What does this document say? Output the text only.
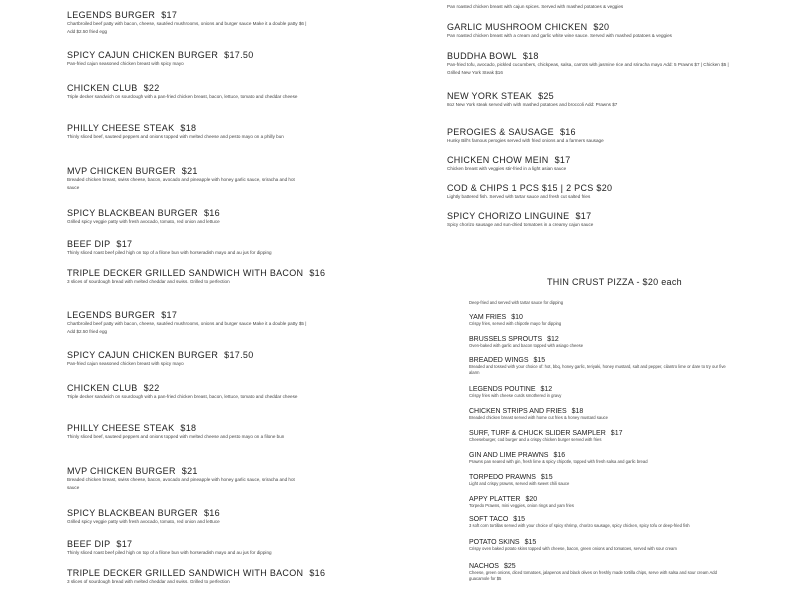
LEGENDS BURGER $17
Chartbroiled beef patty with bacon, cheese, sautéed mushrooms, onions and burger sauce Make it a double patty $6 | Add $2.50 fried egg
SPICY CAJUN CHICKEN BURGER $17.50
Pan-fried cajun seasoned chicken breast with spicy mayo
CHICKEN CLUB $22
Triple decker sandwich on sourdough with a pan-fried chicken breast, bacon, lettuce, tomato and cheddar cheese
PHILLY CHEESE STEAK $18
Thinly sliced beef, sauteed peppers and onions topped with melted cheese and pesto mayo on a philly bun
MVP CHICKEN BURGER $21
Breaded chicken breast, swiss cheese, bacon, avocado and pineapple with honey garlic sauce, sriracha and hot sauce
SPICY BLACKBEAN BURGER $16
Grilled spicy veggie patty with fresh avocado, tomato, red onion and lettuce
BEEF DIP $17
Thinly sliced roast beef piled high on top of a filone bun with horseradish mayo and au jus for dipping
TRIPLE DECKER GRILLED SANDWICH WITH BACON $16
3 slices of sourdough bread with melted cheddar and swiss. Grilled to perfection
LEGENDS BURGER $17
Chartbroiled beef patty with bacon, cheese, sautéed mushrooms, onions and burger sauce Make it a double patty $5 | Add $2.50 fried egg
SPICY CAJUN CHICKEN BURGER $17.50
Pan-fried cajun seasoned chicken breast with spicy mayo
CHICKEN CLUB $22
Triple decker sandwich on sourdough with a pan-fried chicken breast, bacon, lettuce, tomato and cheddar cheese
PHILLY CHEESE STEAK $18
Thinly sliced beef, sauteed peppers and onions topped with melted cheese and pesto mayo on a filone bun
MVP CHICKEN BURGER $21
Breaded chicken breast, swiss cheese, bacon, avocado and pineapple with honey garlic sauce, sriracha and hot sauce
SPICY BLACKBEAN BURGER $16
Grilled spicy veggie patty with fresh avocado, tomato, red onion and lettuce
BEEF DIP $17
Thinly sliced roast beef piled high on top of a filone bun with horseradish mayo and au jus for dipping
TRIPLE DECKER GRILLED SANDWICH WITH BACON $16
3 slices of sourdough bread with melted cheddar and swiss. Grilled to perfection
Pan roasted chicken breast with cajun spices. Served with mashed potatoes & veggies
GARLIC MUSHROOM CHICKEN $20
Pan roasted chicken breast with a cream and garlic white wine sauce. Served with mashed potatoes & veggies
BUDDHA BOWL $18
Pan-fried tofu, avocado, pickled cucumbers, chickpeas, salsa, carrots with jasmine rice and sriracha mayo Add: 5 Prawns $7 | Chicken $5 | Grilled New York Steak $16
NEW YORK STEAK $25
8oz New York steak served with with mashed potatoes and broccoli Add: Prawns $7
PEROGIES & SAUSAGE $16
Hunky Bill's famous perogies served with fried onions and a farmers sausage
CHICKEN CHOW MEIN $17
Chicken breast with veggies stir-fried in a light asian sauce
COD & CHIPS 1 PCS $15 | 2 PCS $20
Lightly battered fish. Served with tartar sauce and fresh cut salted fries
SPICY CHORIZO LINGUINE $17
Spicy chorizo sausage and sun-dried tomatoes in a creamy cajun sauce
THIN CRUST PIZZA - $20 each
Deep-fried and served with tartar sauce for dipping
YAM FRIES $10
Crispy fries, served with chipotle mayo for dipping
BRUSSELS SPROUTS $12
Oven-baked with garlic and bacon topped with asiago cheese
BREADED WINGS $15
Breaded and tossed with your choice of: hot, bbq, honey garlic, teriyaki, honey mustard, salt and pepper, cilantro lime or dare to try our five alarm
LEGENDS POUTINE $12
Crispy fries with cheese curds smothered in gravy
CHICKEN STRIPS AND FRIES $18
Breaded chicken breast served with home cut fries & honey mustard sauce
SURF, TURF & CHUCK SLIDER SAMPLER $17
Cheeseburger, cod burger and a crispy chicken burger served with fries
GIN AND LIME PRAWNS $16
Prawns pan seared with gin, fresh lime & spicy chipotle, topped with fresh salsa and garlic bread
TORPEDO PRAWNS $15
Light and crispy prawns, served with sweet chili sauce
APPY PLATTER $20
Torpedo Prawns, mini veggies, onion rings and yam fries
SOFT TACO $15
3 soft corn tortillas served with your choice of spicy shrimp, chorizo sausage, spicy chicken, spicy tofu or deep-fried fish
POTATO SKINS $15
Crispy oven baked potato skins topped with cheese, bacon, green onions and tomatoes, served with sour cream
NACHOS $25
Cheese, green onions, diced tomatoes, jalapenos and black olives on freshly made tortilla chips, serve with salsa and sour cream Add guacamole for $5
